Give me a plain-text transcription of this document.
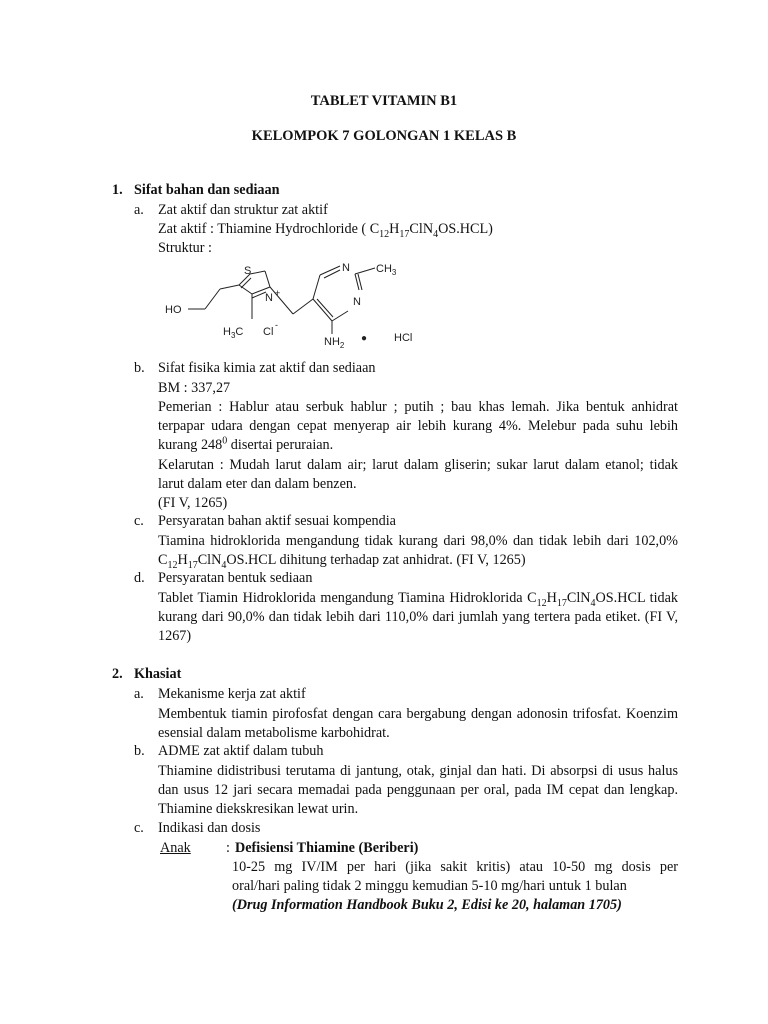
TABLET VITAMIN B1
KELOMPOK 7 GOLONGAN 1 KELAS B
1. Sifat bahan dan sediaan
a. Zat aktif dan struktur zat aktif
Zat aktif : Thiamine Hydrochloride ( $C_{12}H_{17}ClN_4OS.HCL$)
Struktur :
S
N +
HO
$H_3C$ Cl
-
N $CH_3$
N
$NH_2$
● HCl
b. Sifat fisika kimia zat aktif dan sediaan
BM : 337,27
Pemerian : Hablur atau serbuk hablur ; putih ; bau khas lemah. Jika bentuk anhidrat terpapar udara dengan cepat menyerap air lebih kurang 4%. Melebur pada suhu lebih kurang $248^0$ disertai peruraian.
Kelarutan : Mudah larut dalam air; larut dalam gliserin; sukar larut dalam etanol; tidak larut dalam eter dan dalam benzen.
(FI V, 1265)
c. Persyaratan bahan aktif sesuai kompendia
Tiamina hidroklorida mengandung tidak kurang dari 98,0% dan tidak lebih dari 102,0% $C_{12}H_{17}ClN_4OS.HCL$ dihitung terhadap zat anhidrat. (FI V, 1265)
d. Persyaratan bentuk sediaan
Tablet Tiamin Hidroklorida mengandung Tiamina Hidroklorida $C_{12}H_{17}ClN_4OS.HCL$ tidak kurang dari 90,0% dan tidak lebih dari 110,0% dari jumlah yang tertera pada etiket. (FI V, 1267)
2. Khasiat
a. Mekanisme kerja zat aktif
Membentuk tiamin pirofosfat dengan cara bergabung dengan adonosin trifosfat. Koenzim esensial dalam metabolisme karbohidrat.
b. ADME zat aktif dalam tubuh
Thiamine didistribusi terutama di jantung, otak, ginjal dan hati. Di absorpsi di usus halus dan usus 12 jari secara memadai pada penggunaan per oral, pada IM cepat dan lengkap. Thiamine diekskresikan lewat urin.
c. Indikasi dan dosis
Anak : Defisiensi Thiamine (Beriberi)
10-25 mg IV/IM per hari (jika sakit kritis) atau 10-50 mg dosis per
oral/hari paling tidak 2 minggu kemudian 5-10 mg/hari untuk 1 bulan
(Drug Information Handbook Buku 2, Edisi ke 20, halaman 1705)
